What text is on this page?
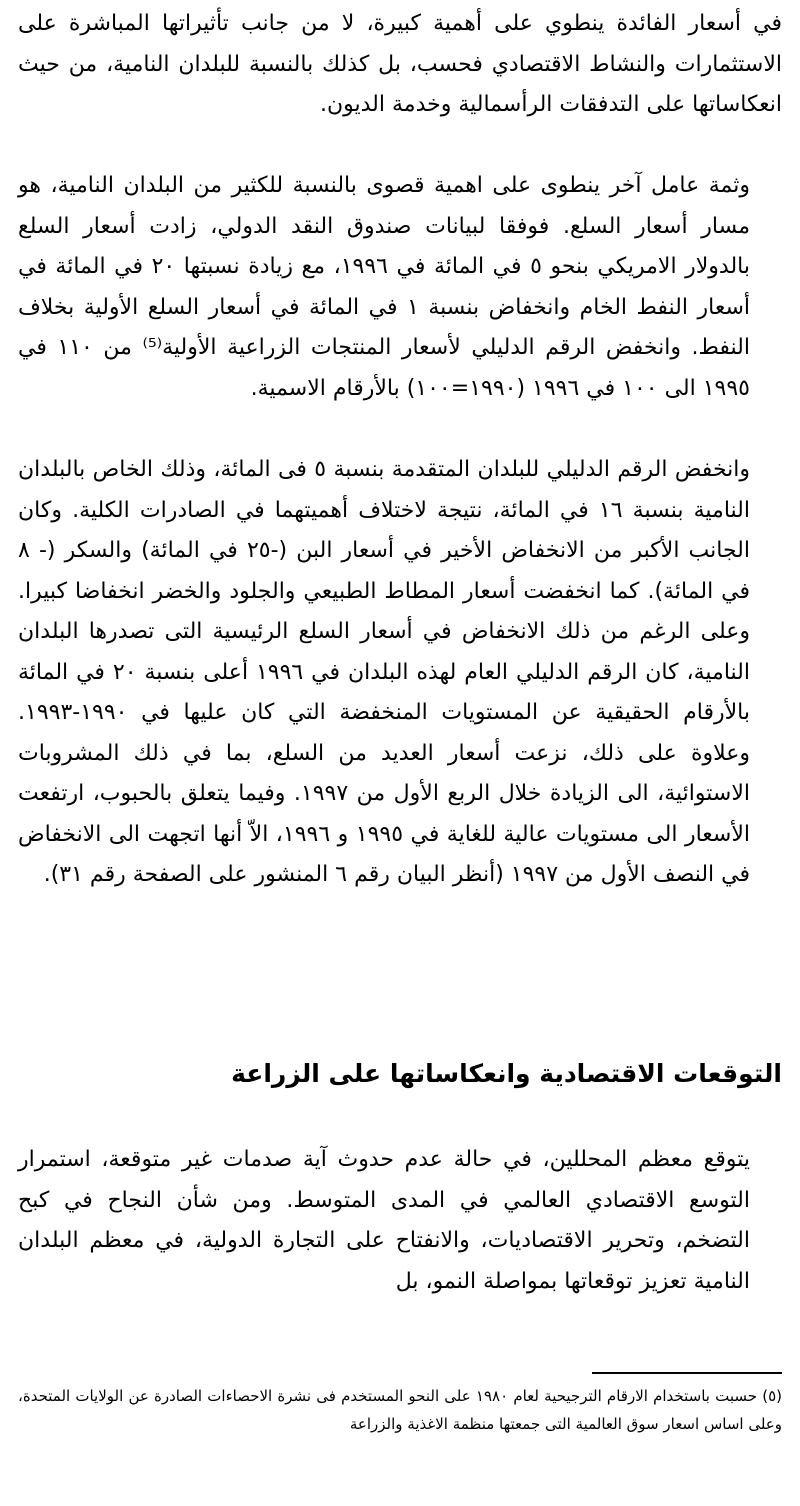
في أسعار الفائدة ينطوي على أهمية كبيرة، لا من جانب تأثيراتها المباشرة على الاستثمارات والنشاط الاقتصادي فحسب، بل كذلك بالنسبة للبلدان النامية، من حيث انعكاساتها على التدفقات الرأسمالية وخدمة الديون.

وثمة عامل آخر ينطوى على اهمية قصوى بالنسبة للكثير من البلدان النامية، هو مسار أسعار السلع. فوفقا لبيانات صندوق النقد الدولي، زادت أسعار السلع بالدولار الامريكي بنحو ٥ في المائة في ١٩٩٦، مع زيادة نسبتها ٢٠ في المائة في أسعار النفط الخام وانخفاض بنسبة ١ في المائة في أسعار السلع الأولية بخلاف النفط. وانخفض الرقم الدليلي لأسعار المنتجات الزراعية الأولية⁽⁵⁾ من ١١٠ في ١٩٩٥ الى ١٠٠ في ١٩٩٦ (١٩٩٠=١٠٠) بالأرقام الاسمية.

وانخفض الرقم الدليلي للبلدان المتقدمة بنسبة ٥ فى المائة، وذلك الخاص بالبلدان النامية بنسبة ١٦ في المائة، نتيجة لاختلاف أهميتهما في الصادرات الكلية. وكان الجانب الأكبر من الانخفاض الأخير في أسعار البن (-٢٥ في المائة) والسكر (- ٨ في المائة). كما انخفضت أسعار المطاط الطبيعي والجلود والخضر انخفاضا كبيرا. وعلى الرغم من ذلك الانخفاض في أسعار السلع الرئيسية التى تصدرها البلدان النامية، كان الرقم الدليلي العام لهذه البلدان في ١٩٩٦ أعلى بنسبة ٢٠ في المائة بالأرقام الحقيقية عن المستويات المنخفضة التي كان عليها في ١٩٩٠-١٩٩٣. وعلاوة على ذلك، نزعت أسعار العديد من السلع، بما في ذلك المشروبات الاستوائية، الى الزيادة خلال الربع الأول من ١٩٩٧. وفيما يتعلق بالحبوب، ارتفعت الأسعار الى مستويات عالية للغاية في ١٩٩٥ و ١٩٩٦، الاّ أنها اتجهت الى الانخفاض في النصف الأول من ١٩٩٧ (أنظر البيان رقم ٦ المنشور على الصفحة رقم ٣١).

التوقعات الاقتصادية وانعكاساتها على الزراعة

يتوقع معظم المحللين، في حالة عدم حدوث آية صدمات غير متوقعة، استمرار التوسع الاقتصادي العالمي في المدى المتوسط. ومن شأن النجاح في كبح التضخم، وتحرير الاقتصاديات، والانفتاح على التجارة الدولية، في معظم البلدان النامية تعزيز توقعاتها بمواصلة النمو، بل

(٥) حسبت باستخدام الارقام الترجيحية لعام ١٩٨٠ على النحو المستخدم فى نشرة الاحصاءات الصادرة عن الولايات المتحدة، وعلى اساس اسعار سوق العالمية التى جمعتها منظمة الاغذية والزراعة
